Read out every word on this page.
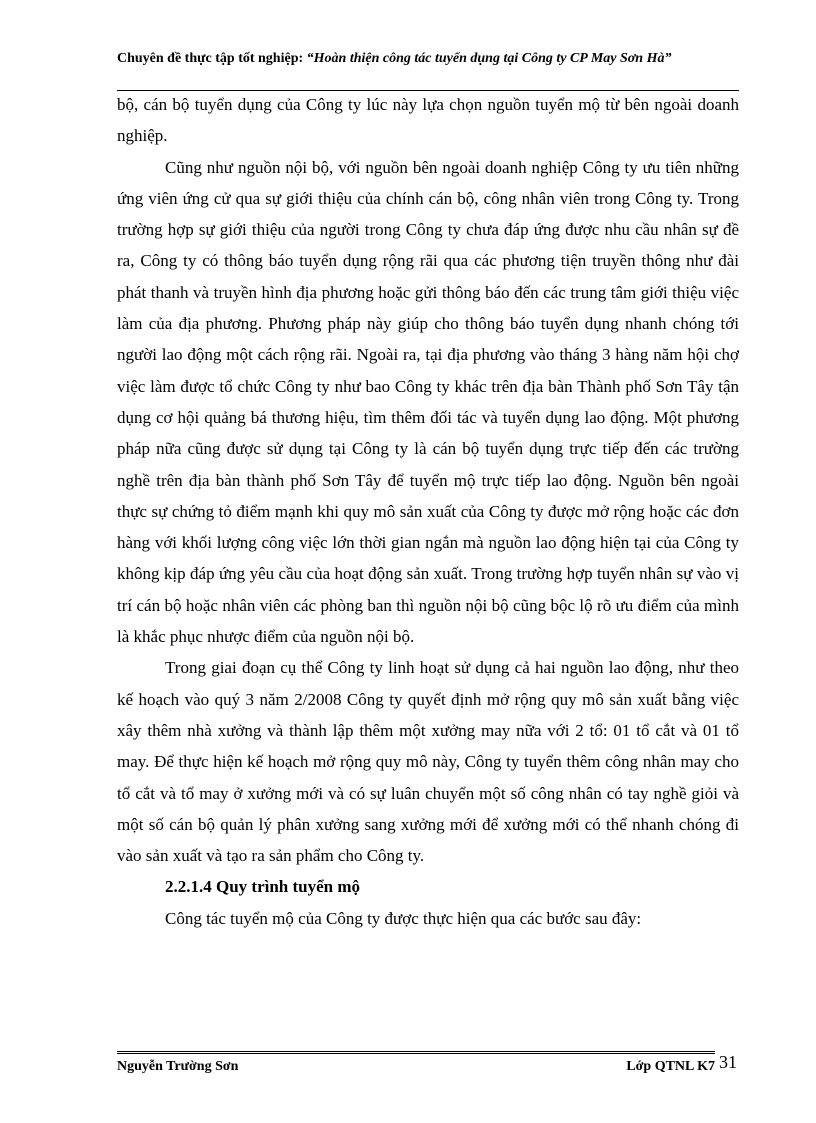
Chuyên đề thực tập tốt nghiệp: “Hoàn thiện công tác tuyển dụng tại Công ty CP May Sơn Hà”

bộ, cán bộ tuyển dụng của Công ty lúc này lựa chọn nguồn tuyển mộ từ bên ngoài doanh nghiệp.

Cũng như nguồn nội bộ, với nguồn bên ngoài doanh nghiệp Công ty ưu tiên những ứng viên ứng cử qua sự giới thiệu của chính cán bộ, công nhân viên trong Công ty. Trong trường hợp sự giới thiệu của người trong Công ty chưa đáp ứng được nhu cầu nhân sự đề ra, Công ty có thông báo tuyển dụng rộng rãi qua các phương tiện truyền thông như đài phát thanh và truyền hình địa phương hoặc gửi thông báo đến các trung tâm giới thiệu việc làm của địa phương. Phương pháp này giúp cho thông báo tuyển dụng nhanh chóng tới người lao động một cách rộng rãi. Ngoài ra, tại địa phương vào tháng 3 hàng năm hội chợ việc làm được tổ chức Công ty như bao Công ty khác trên địa bàn Thành phố Sơn Tây tận dụng cơ hội quảng bá thương hiệu, tìm thêm đối tác và tuyển dụng lao động. Một phương pháp nữa cũng được sử dụng tại Công ty là cán bộ tuyển dụng trực tiếp đến các trường nghề trên địa bàn thành phố Sơn Tây để tuyển mộ trực tiếp lao động. Nguồn bên ngoài thực sự chứng tỏ điểm mạnh khi quy mô sản xuất của Công ty được mở rộng hoặc các đơn hàng với khối lượng công việc lớn thời gian ngắn mà nguồn lao động hiện tại của Công ty không kịp đáp ứng yêu cầu của hoạt động sản xuất. Trong trường hợp tuyển nhân sự vào vị trí cán bộ hoặc nhân viên các phòng ban thì nguồn nội bộ cũng bộc lộ rõ ưu điểm của mình là khắc phục nhược điểm của nguồn nội bộ.

Trong giai đoạn cụ thể Công ty linh hoạt sử dụng cả hai nguồn lao động, như theo kế hoạch vào quý 3 năm 2/2008 Công ty quyết định mở rộng quy mô sản xuất bằng việc xây thêm nhà xưởng và thành lập thêm một xưởng may nữa với 2 tổ: 01 tổ cắt và 01 tổ may. Để thực hiện kế hoạch mở rộng quy mô này, Công ty tuyển thêm công nhân may cho tổ cắt và tổ may ở xưởng mới và có sự luân chuyển một số công nhân có tay nghề giỏi và một số cán bộ quản lý phân xưởng sang xưởng mới để xưởng mới có thể nhanh chóng đi vào sản xuất và tạo ra sản phẩm cho Công ty.

2.2.1.4 Quy trình tuyển mộ

Công tác tuyển mộ của Công ty được thực hiện qua các bước sau đây:

Nguyễn Trường Sơn	Lớp QTNL K7 31
